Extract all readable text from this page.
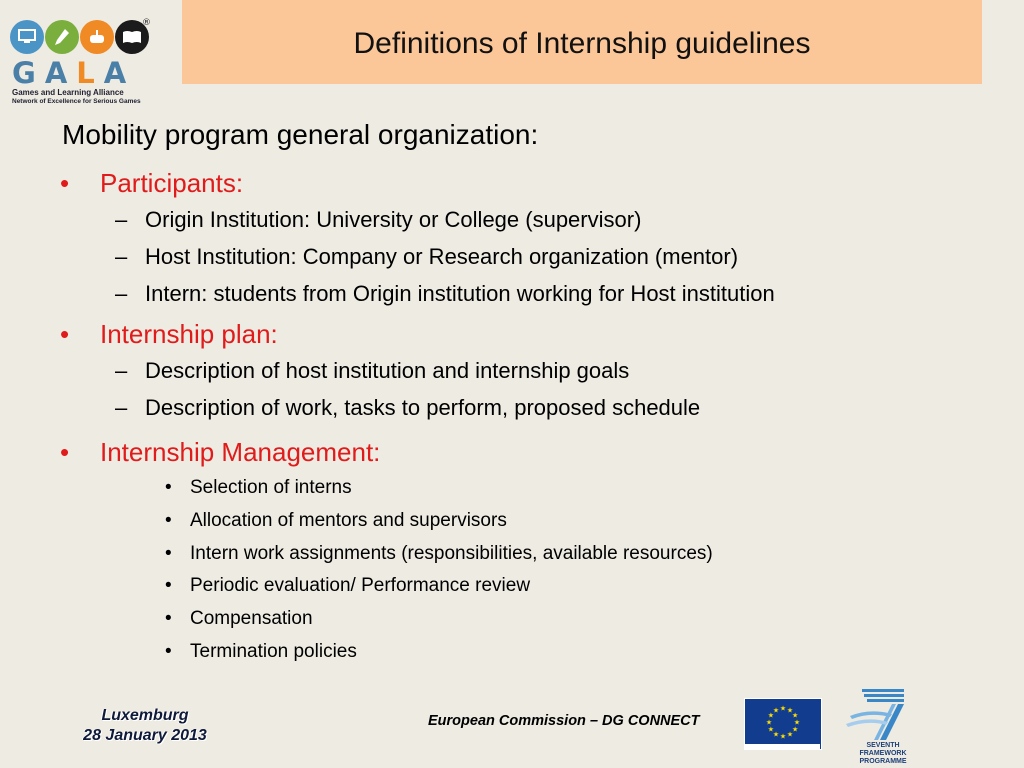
®
GALA
Games and Learning Alliance
Network of Excellence for Serious Games
Definitions of Internship guidelines
Mobility program general organization:
• Participants:
– Origin Institution: University or College (supervisor)
– Host Institution: Company or Research organization (mentor)
– Intern: students from Origin institution working for Host institution
• Internship plan:
– Description of host institution and internship goals
– Description of work, tasks to perform, proposed schedule
• Internship Management:
• Selection of interns
• Allocation of mentors and supervisors
• Intern work assignments (responsibilities, available resources)
• Periodic evaluation/ Performance review
• Compensation
• Termination policies
Luxemburg
28 January 2013
European Commission – DG CONNECT
★ ★
★
★
★
★
★
★
★
★
★
★
SEVENTH FRAMEWORK PROGRAMME
